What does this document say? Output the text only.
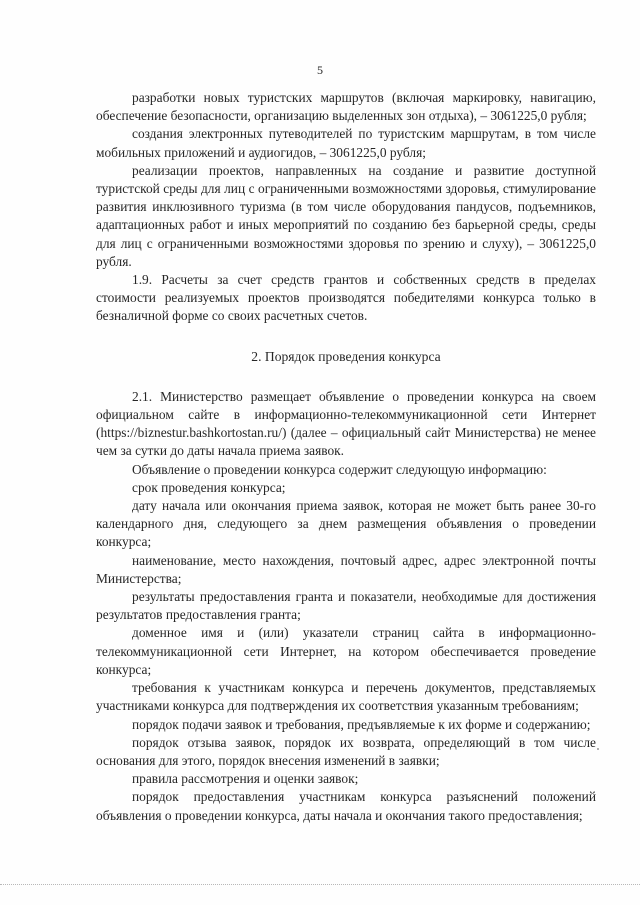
5

разработки новых туристских маршрутов (включая маркировку, навигацию, обеспечение безопасности, организацию выделенных зон отдыха), – 3061225,0 рубля;

создания электронных путеводителей по туристским маршрутам, в том числе мобильных приложений и аудиогидов, – 3061225,0 рубля;

реализации проектов, направленных на создание и развитие доступной туристской среды для лиц с ограниченными возможностями здоровья, стимулирование развития инклюзивного туризма (в том числе оборудования пандусов, подъемников, адаптационных работ и иных мероприятий по созданию без барьерной среды, среды для лиц с ограниченными возможностями здоровья по зрению и слуху), – 3061225,0 рубля.

1.9. Расчеты за счет средств грантов и собственных средств в пределах стоимости реализуемых проектов производятся победителями конкурса только в безналичной форме со своих расчетных счетов.

2. Порядок проведения конкурса

2.1. Министерство размещает объявление о проведении конкурса на своем официальном сайте в информационно-телекоммуникационной сети Интернет (https://biznestur.bashkortostan.ru/) (далее – официальный сайт Министерства) не менее чем за сутки до даты начала приема заявок.

Объявление о проведении конкурса содержит следующую информацию:

срок проведения конкурса;

дату начала или окончания приема заявок, которая не может быть ранее 30-го календарного дня, следующего за днем размещения объявления о проведении конкурса;

наименование, место нахождения, почтовый адрес, адрес электронной почты Министерства;

результаты предоставления гранта и показатели, необходимые для достижения результатов предоставления гранта;

доменное имя и (или) указатели страниц сайта в информационно-телекоммуникационной сети Интернет, на котором обеспечивается проведение конкурса;

требования к участникам конкурса и перечень документов, представляемых участниками конкурса для подтверждения их соответствия указанным требованиям;

порядок подачи заявок и требования, предъявляемые к их форме и содержанию;

порядок отзыва заявок, порядок их возврата, определяющий в том числе основания для этого, порядок внесения изменений в заявки;

правила рассмотрения и оценки заявок;

порядок предоставления участникам конкурса разъяснений положений объявления о проведении конкурса, даты начала и окончания такого предоставления;
